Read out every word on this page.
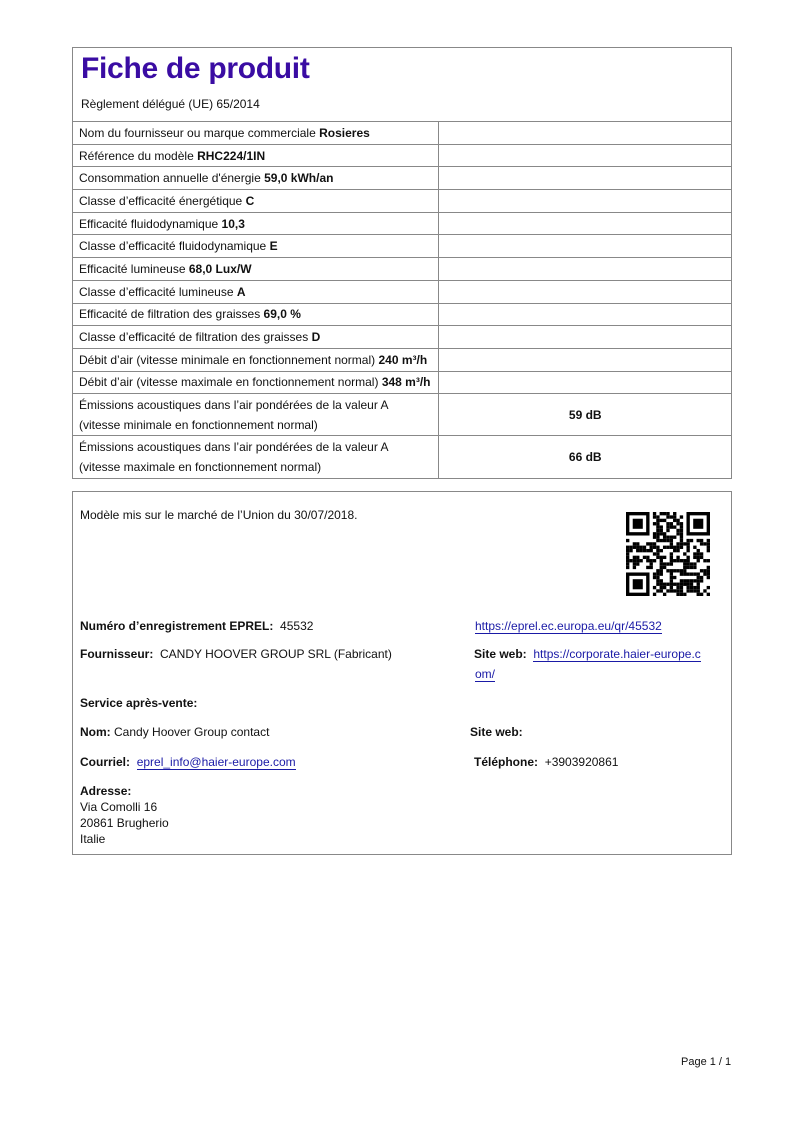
Fiche de produit
Règlement délégué (UE) 65/2014
Nom du fournisseur ou marque commerciale Rosieres	
Référence du modèle RHC224/1IN	
Consommation annuelle d'énergie 59,0 kWh/an	
Classe d’efficacité énergétique C	
Efficacité fluidodynamique 10,3	
Classe d’efficacité fluidodynamique E	
Efficacité lumineuse 68,0 Lux/W	
Classe d’efficacité lumineuse A	
Efficacité de filtration des graisses 69,0 %	
Classe d’efficacité de filtration des graisses D	
Débit d’air (vitesse minimale en fonctionnement normal) 240 m³/h	
Débit d’air (vitesse maximale en fonctionnement normal) 348 m³/h	
Émissions acoustiques dans l’air pondérées de la valeur A (vitesse minimale en fonctionnement normal)	59 dB
Émissions acoustiques dans l’air pondérées de la valeur A (vitesse maximale en fonctionnement normal)	66 dB
Modèle mis sur le marché de l’Union du 30/07/2018.
Numéro d’enregistrement EPREL: 45532	https://eprel.ec.europa.eu/qr/45532
Fournisseur: CANDY HOOVER GROUP SRL (Fabricant)	Site web: https://corporate.haier-europe.c
om/
Service après-vente:
Nom: Candy Hoover Group contact	Site web:
Courriel: eprel_info@haier-europe.com	Téléphone: +3903920861
Adresse:
Via Comolli 16
20861 Brugherio
Italie
Page 1 / 1
